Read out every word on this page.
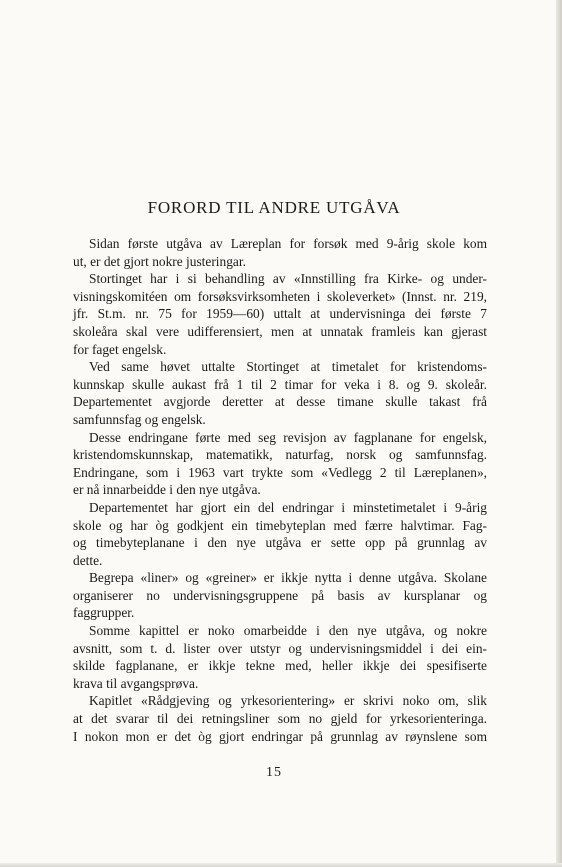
FORORD TIL ANDRE UTGÅVA
Sidan første utgåva av Læreplan for forsøk med 9-årig skole kom
ut, er det gjort nokre justeringar.
Stortinget har i si behandling av «Innstilling fra Kirke- og under-
visningskomitéen om forsøksvirksomheten i skoleverket» (Innst. nr. 219,
jfr. St.m. nr. 75 for 1959—60) uttalt at undervisninga dei første 7
skoleåra skal vere udifferensiert, men at unnatak framleis kan gjerast
for faget engelsk.
Ved same høvet uttalte Stortinget at timetalet for kristendoms-
kunnskap skulle aukast frå 1 til 2 timar for veka i 8. og 9. skoleår.
Departementet avgjorde deretter at desse timane skulle takast frå
samfunnsfag og engelsk.
Desse endringane førte med seg revisjon av fagplanane for engelsk,
kristendomskunnskap, matematikk, naturfag, norsk og samfunnsfag.
Endringane, som i 1963 vart trykte som «Vedlegg 2 til Læreplanen»,
er nå innarbeidde i den nye utgåva.
Departementet har gjort ein del endringar i minstetimetalet i 9-årig
skole og har òg godkjent ein timebyteplan med færre halvtimar. Fag-
og timebyteplanane i den nye utgåva er sette opp på grunnlag av
dette.
Begrepa «liner» og «greiner» er ikkje nytta i denne utgåva. Skolane
organiserer no undervisningsgruppene på basis av kursplanar og
faggrupper.
Somme kapittel er noko omarbeidde i den nye utgåva, og nokre
avsnitt, som t. d. lister over utstyr og undervisningsmiddel i dei ein-
skilde fagplanane, er ikkje tekne med, heller ikkje dei spesifiserte
krava til avgangsprøva.
Kapitlet «Rådgjeving og yrkesorientering» er skrivi noko om, slik
at det svarar til dei retningsliner som no gjeld for yrkesorienteringa.
I nokon mon er det òg gjort endringar på grunnlag av røynslene som
15
